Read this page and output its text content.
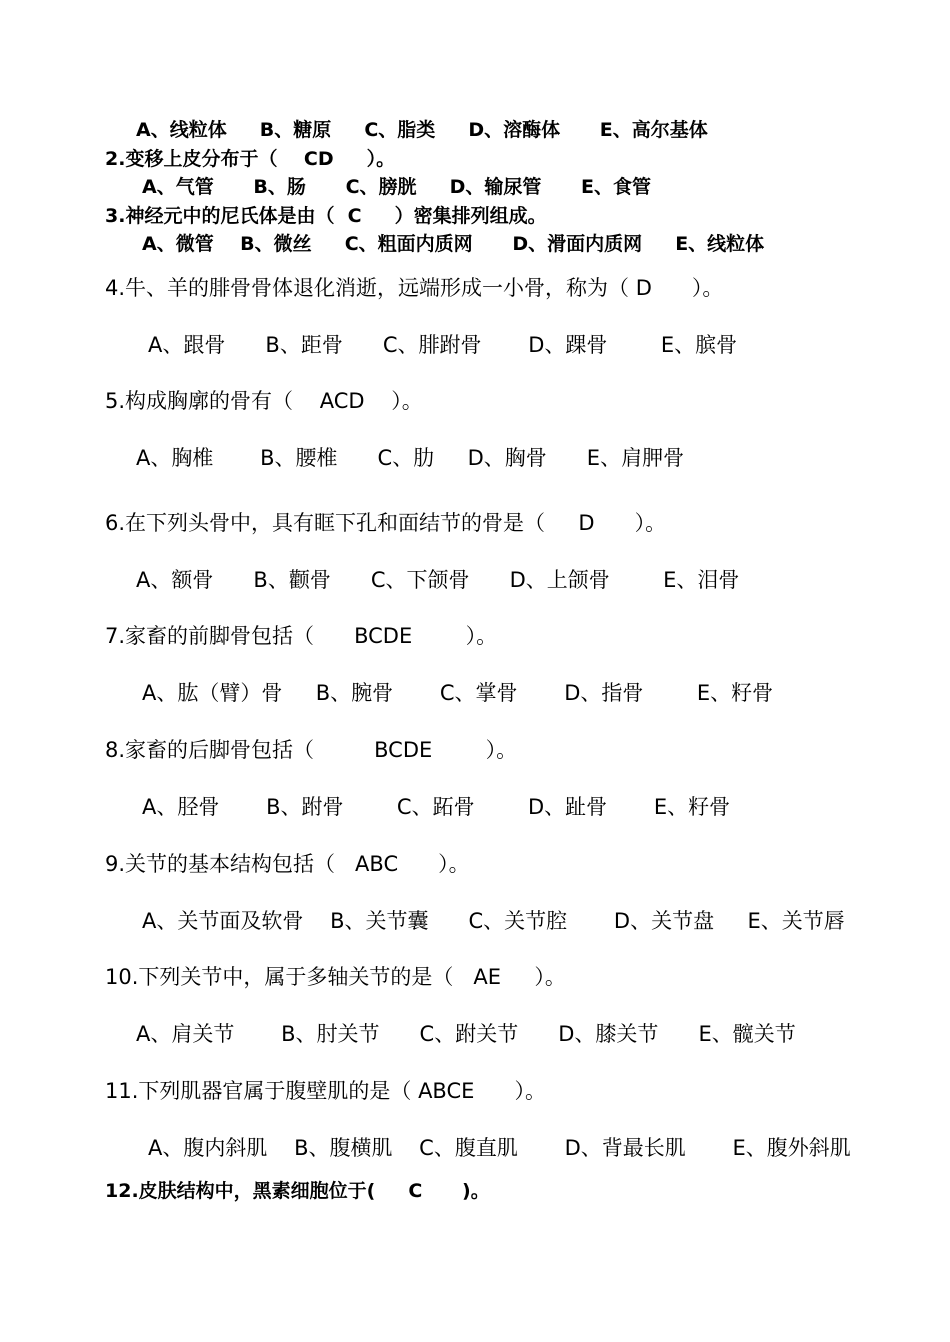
A、线粒体     B、糖原     C、脂类     D、溶酶体      E、高尔基体
2.变移上皮分布于（    CD     ）。
A、气管      B、肠      C、膀胱     D、输尿管      E、食管
3.神经元中的尼氏体是由（  C     ）密集排列组成。
A、微管    B、微丝     C、粗面内质网      D、滑面内质网     E、线粒体
4.牛、羊的腓骨骨体退化消逝，远端形成一小骨，称为（ D      ）。
A、跟骨      B、距骨      C、腓跗骨       D、踝骨        E、膑骨
5.构成胸廓的骨有（    ACD    ）。
A、胸椎       B、腰椎      C、肋     D、胸骨      E、肩胛骨
6.在下列头骨中，具有眶下孔和面结节的骨是（     D      ）。
A、额骨      B、颧骨      C、下颌骨      D、上颌骨        E、泪骨
7.家畜的前脚骨包括（      BCDE        ）。
A、肱（臂）骨     B、腕骨       C、掌骨       D、指骨        E、籽骨
8.家畜的后脚骨包括（         BCDE        ）。
A、胫骨       B、跗骨        C、跖骨        D、趾骨       E、籽骨
9.关节的基本结构包括（   ABC      ）。
A、关节面及软骨    B、关节囊      C、关节腔       D、关节盘     E、关节唇
10.下列关节中，属于多轴关节的是（   AE     ）。
A、肩关节       B、肘关节      C、跗关节      D、膝关节      E、髋关节
11.下列肌器官属于腹壁肌的是（ ABCE      ）。
A、腹内斜肌    B、腹横肌    C、腹直肌       D、背最长肌       E、腹外斜肌
12.皮肤结构中，黑素细胞位于(     C      )。
